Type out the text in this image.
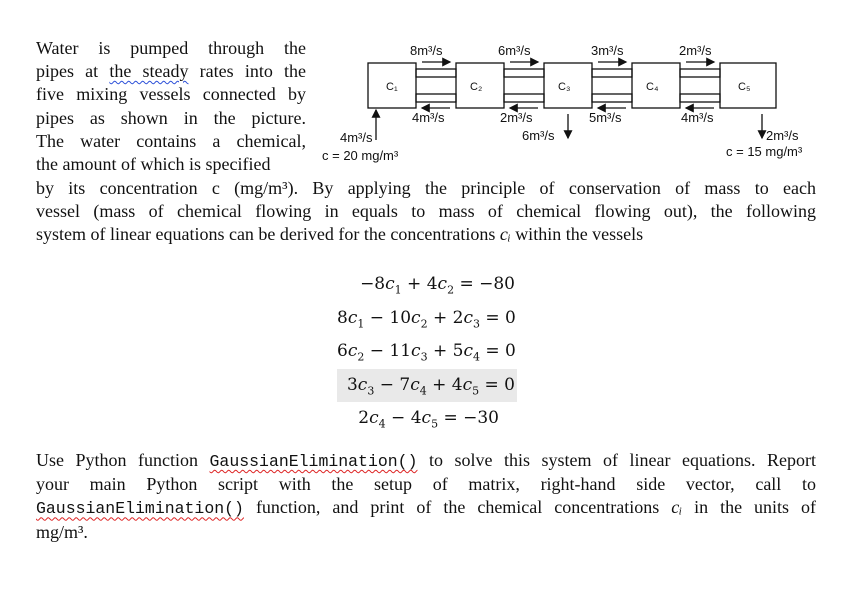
Water is pumped through the
pipes at the steady rates into the
five mixing vessels connected by
pipes as shown in the picture.
The water contains a chemical,
the amount of which is specified
C₁	C₂	C₃	C₄	C₅
8m³/s	6m³/s	3m³/s	2m³/s
4m³/s	2m³/s	5m³/s	4m³/s
4m³/s
c = 20 mg/m³
6m³/s	2m³/s
c = 15 mg/m³
by its concentration c (mg/m³). By applying the principle of conservation of mass to each
vessel (mass of chemical flowing in equals to mass of chemical flowing out), the following
system of linear equations can be derived for the concentrations cᵢ within the vessels
$-8c_1 + 4c_2 = -80$
$8c_1 - 10c_2 + 2c_3 = 0$
$6c_2 - 11c_3 + 5c_4 = 0$
$3c_3 - 7c_4 + 4c_5 = 0$
$2c_4 - 4c_5 = -30$
Use Python function GaussianElimination() to solve this system of linear equations. Report
your main Python script with the setup of matrix, right-hand side vector, call to
GaussianElimination() function, and print of the chemical concentrations cᵢ in the units of
mg/m³.
